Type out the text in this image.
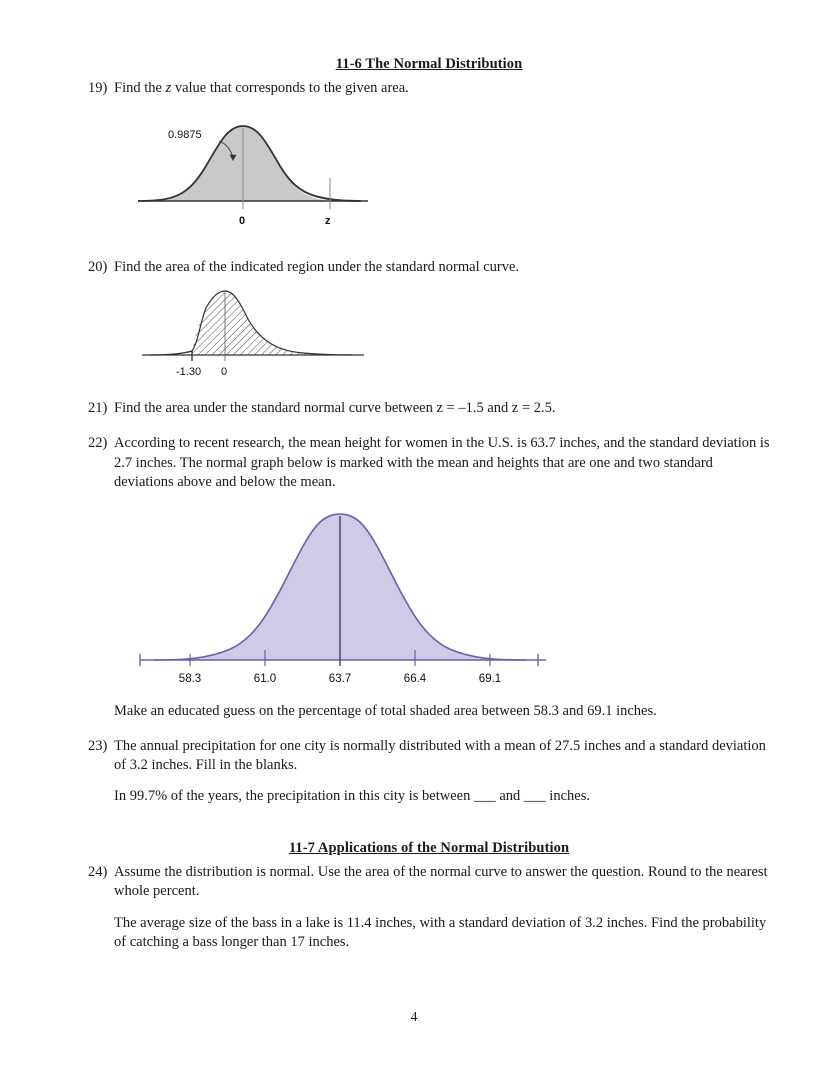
11-6 The Normal Distribution
19) Find the z value that corresponds to the given area.
0.9875
0	z
20) Find the area of the indicated region under the standard normal curve.
-1.30 0
21) Find the area under the standard normal curve between z = –1.5 and z = 2.5.
22) According to recent research, the mean height for women in the U.S. is 63.7 inches, and the standard deviation is 2.7 inches. The normal graph below is marked with the mean and heights that are one and two standard deviations above and below the mean.
58.3	61.0	63.7	66.4	69.1
Make an educated guess on the percentage of total shaded area between 58.3 and 69.1 inches.
23) The annual precipitation for one city is normally distributed with a mean of 27.5 inches and a standard deviation of 3.2 inches. Fill in the blanks.
In 99.7% of the years, the precipitation in this city is between ___ and ___ inches.
11-7 Applications of the Normal Distribution
24) Assume the distribution is normal. Use the area of the normal curve to answer the question. Round to the nearest whole percent.
The average size of the bass in a lake is 11.4 inches, with a standard deviation of 3.2 inches. Find the probability of catching a bass longer than 17 inches.
4
